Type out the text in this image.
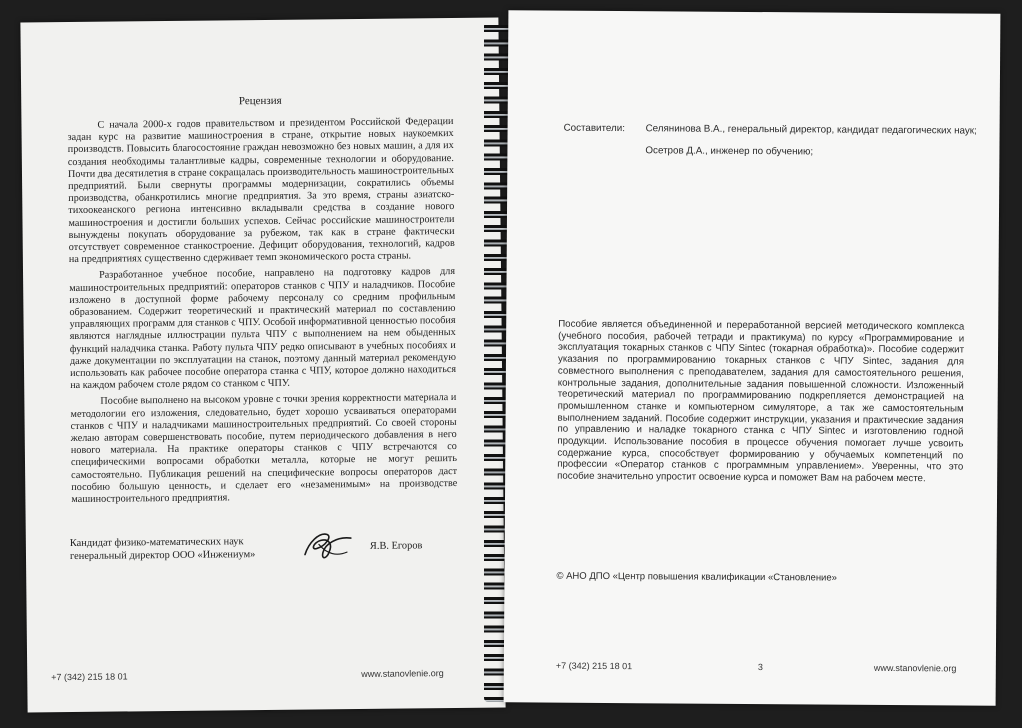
Рецензия

С начала 2000-х годов правительством и президентом Российской Федерации задан курс на развитие машиностроения в стране, открытие новых наукоемких производств. Повысить благосостояние граждан невозможно без новых машин, а для их создания необходимы талантливые кадры, современные технологии и оборудование. Почти два десятилетия в стране сокращалась производительность машиностроительных предприятий. Были свернуты программы модернизации, сократились объемы производства, обанкротились многие предприятия. За это время, страны азиатско-тихоокеанского региона интенсивно вкладывали средства в создание нового машиностроения и достигли больших успехов. Сейчас российские машиностроители вынуждены покупать оборудование за рубежом, так как в стране фактически отсутствует современное станкостроение. Дефицит оборудования, технологий, кадров на предприятиях существенно сдерживает темп экономического роста страны.

Разработанное учебное пособие, направлено на подготовку кадров для машиностроительных предприятий: операторов станков с ЧПУ и наладчиков. Пособие изложено в доступной форме рабочему персоналу со средним профильным образованием. Содержит теоретический и практический материал по составлению управляющих программ для станков с ЧПУ. Особой информативной ценностью пособия являются наглядные иллюстрации пульта ЧПУ с выполнением на нем обыденных функций наладчика станка. Работу пульта ЧПУ редко описывают в учебных пособиях и даже документации по эксплуатации на станок, поэтому данный материал рекомендую использовать как рабочее пособие оператора станка с ЧПУ, которое должно находиться на каждом рабочем столе рядом со станком с ЧПУ.

Пособие выполнено на высоком уровне с точки зрения корректности материала и методологии его изложения, следовательно, будет хорошо усваиваться операторами станков с ЧПУ и наладчиками машиностроительных предприятий. Со своей стороны желаю авторам совершенствовать пособие, путем периодического добавления в него нового материала. На практике операторы станков с ЧПУ встречаются со специфическими вопросами обработки металла, которые не могут решить самостоятельно. Публикация решений на специфические вопросы операторов даст пособию большую ценность, и сделает его «незаменимым» на производстве машиностроительного предприятия.

Кандидат физико-математических наук
генеральный директор ООО «Инжениум»
Я.В. Егоров
+7 (342) 215 18 01	www.stanovlenie.org
Составители: Селянинова В.А., генеральный директор, кандидат педагогических наук;
Осетров Д.А., инженер по обучению;
Пособие является объединенной и переработанной версией методического комплекса (учебного пособия, рабочей тетради и практикума) по курсу «Программирование и эксплуатация токарных станков с ЧПУ Sintec (токарная обработка)». Пособие содержит указания по программированию токарных станков с ЧПУ Sintec, задания для совместного выполнения с преподавателем, задания для самостоятельного решения, контрольные задания, дополнительные задания повышенной сложности. Изложенный теоретический материал по программированию подкрепляется демонстрацией на промышленном станке и компьютерном симуляторе, а так же самостоятельным выполнением заданий. Пособие содержит инструкции, указания и практические задания по управлению и наладке токарного станка с ЧПУ Sintec и изготовлению годной продукции. Использование пособия в процессе обучения помогает лучше усвоить содержание курса, способствует формированию у обучаемых компетенций по профессии «Оператор станков с программным управлением». Уверенны, что это пособие значительно упростит освоение курса и поможет Вам на рабочем месте.
© АНО ДПО «Центр повышения квалификации «Становление»
+7 (342) 215 18 01	3	www.stanovlenie.org
